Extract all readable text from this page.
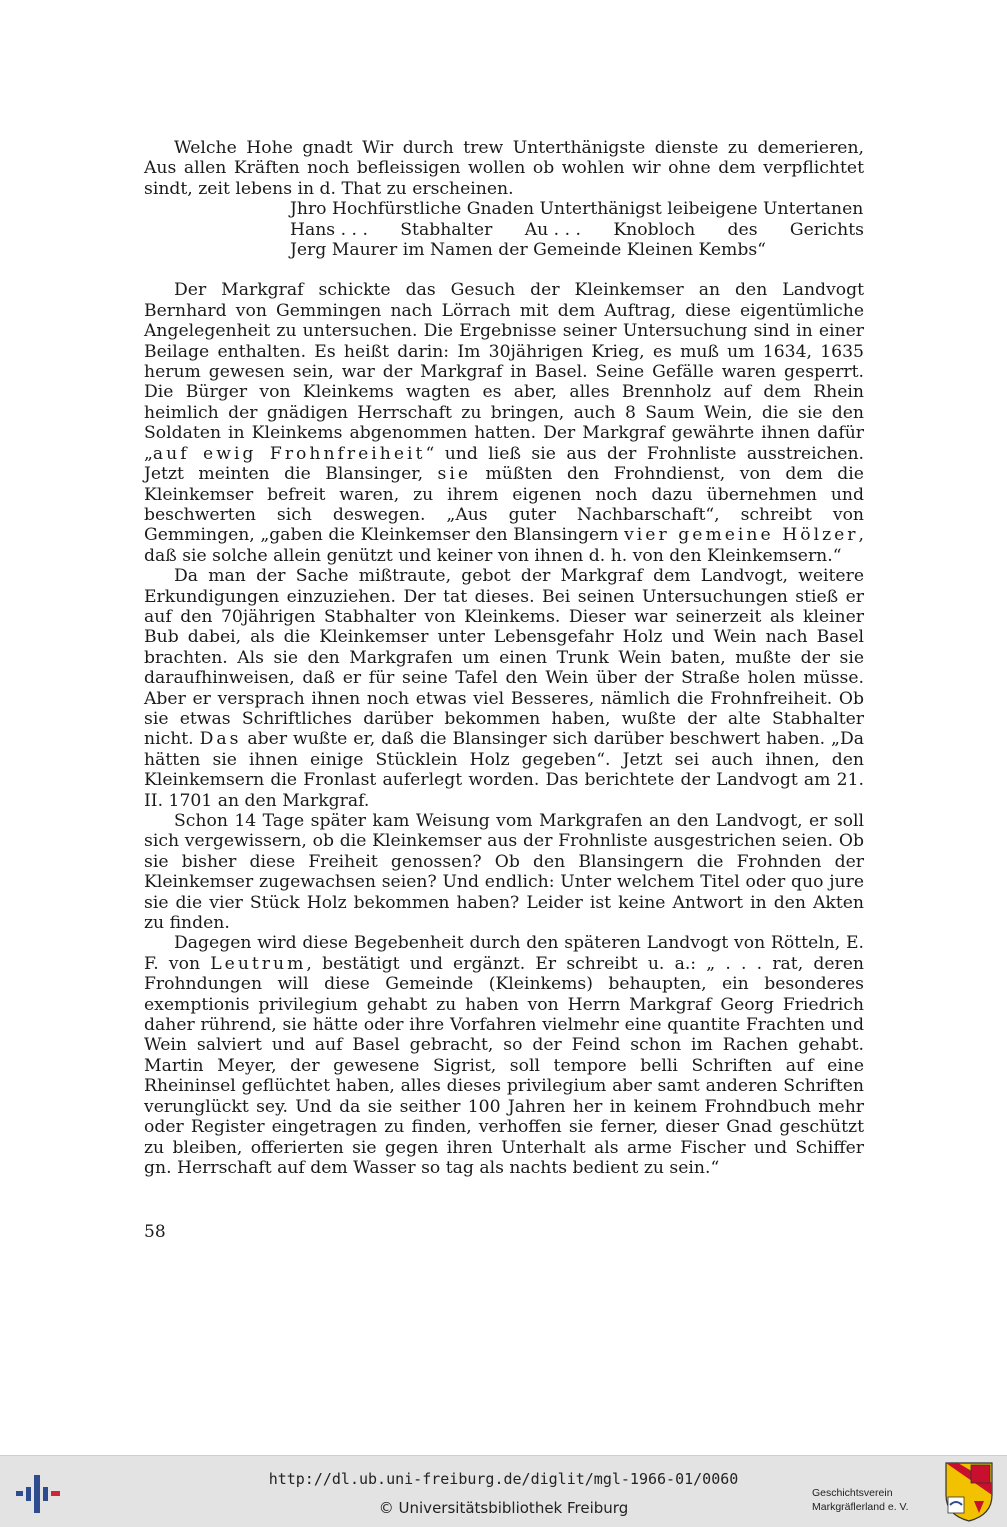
Welche Hohe gnadt Wir durch trew Unterthänigste dienste zu demerieren, Aus allen Kräften noch befleissigen wollen ob wohlen wir ohne dem verpflichtet sindt, zeit lebens in d. That zu erscheinen.

Jhro Hochfürstliche Gnaden Unterthänigst leibeigene Untertanen
Hans . . . Stabhalter Au . . . Knobloch des Gerichts
Jerg Maurer im Namen der Gemeinde Kleinen Kembs“

Der Markgraf schickte das Gesuch der Kleinkemser an den Landvogt Bernhard von Gemmingen nach Lörrach mit dem Auftrag, diese eigentümliche Angelegenheit zu untersuchen. Die Ergebnisse seiner Untersuchung sind in einer Beilage enthalten. Es heißt darin: Im 30jährigen Krieg, es muß um 1634, 1635 herum gewesen sein, war der Markgraf in Basel. Seine Gefälle waren gesperrt. Die Bürger von Kleinkems wagten es aber, alles Brennholz auf dem Rhein heimlich der gnädigen Herrschaft zu bringen, auch 8 Saum Wein, die sie den Soldaten in Kleinkems abgenommen hatten. Der Markgraf gewährte ihnen dafür „auf ewig Frohnfreiheit“ und ließ sie aus der Frohnliste ausstreichen. Jetzt meinten die Blansinger, sie müßten den Frohndienst, von dem die Kleinkemser befreit waren, zu ihrem eigenen noch dazu übernehmen und beschwerten sich deswegen. „Aus guter Nachbarschaft“, schreibt von Gemmingen, „gaben die Kleinkemser den Blansingern vier gemeine Hölzer, daß sie solche allein genützt und keiner von ihnen d. h. von den Kleinkemsern.“

Da man der Sache mißtraute, gebot der Markgraf dem Landvogt, weitere Erkundigungen einzuziehen. Der tat dieses. Bei seinen Untersuchungen stieß er auf den 70jährigen Stabhalter von Kleinkems. Dieser war seinerzeit als kleiner Bub dabei, als die Kleinkemser unter Lebensgefahr Holz und Wein nach Basel brachten. Als sie den Markgrafen um einen Trunk Wein baten, mußte der sie daraufhinweisen, daß er für seine Tafel den Wein über der Straße holen müsse. Aber er versprach ihnen noch etwas viel Besseres, nämlich die Frohnfreiheit. Ob sie etwas Schriftliches darüber bekommen haben, wußte der alte Stabhalter nicht. Das aber wußte er, daß die Blansinger sich darüber beschwert haben. „Da hätten sie ihnen einige Stücklein Holz gegeben“. Jetzt sei auch ihnen, den Kleinkemsern die Fronlast auferlegt worden. Das berichtete der Landvogt am 21. II. 1701 an den Markgraf.

Schon 14 Tage später kam Weisung vom Markgrafen an den Landvogt, er soll sich vergewissern, ob die Kleinkemser aus der Frohnliste ausgestrichen seien. Ob sie bisher diese Freiheit genossen? Ob den Blansingern die Frohnden der Kleinkemser zugewachsen seien? Und endlich: Unter welchem Titel oder quo jure sie die vier Stück Holz bekommen haben? Leider ist keine Antwort in den Akten zu finden.

Dagegen wird diese Begebenheit durch den späteren Landvogt von Rötteln, E. F. von Leutrum, bestätigt und ergänzt. Er schreibt u. a.: „ . . . rat, deren Frohndungen will diese Gemeinde (Kleinkems) behaupten, ein besonderes exemptionis privilegium gehabt zu haben von Herrn Markgraf Georg Friedrich daher rührend, sie hätte oder ihre Vorfahren vielmehr eine quantite Frachten und Wein salviert und auf Basel gebracht, so der Feind schon im Rachen gehabt. Martin Meyer, der gewesene Sigrist, soll tempore belli Schriften auf eine Rheininsel geflüchtet haben, alles dieses privilegium aber samt anderen Schriften verunglückt sey. Und da sie seither 100 Jahren her in keinem Frohndbuch mehr oder Register eingetragen zu finden, verhoffen sie ferner, dieser Gnad geschützt zu bleiben, offerierten sie gegen ihren Unterhalt als arme Fischer und Schiffer gn. Herrschaft auf dem Wasser so tag als nachts bedient zu sein.“

58
http://dl.ub.uni-freiburg.de/diglit/mgl-1966-01/0060
© Universitätsbibliothek Freiburg
Geschichtsverein
Markgräflerland e. V.
